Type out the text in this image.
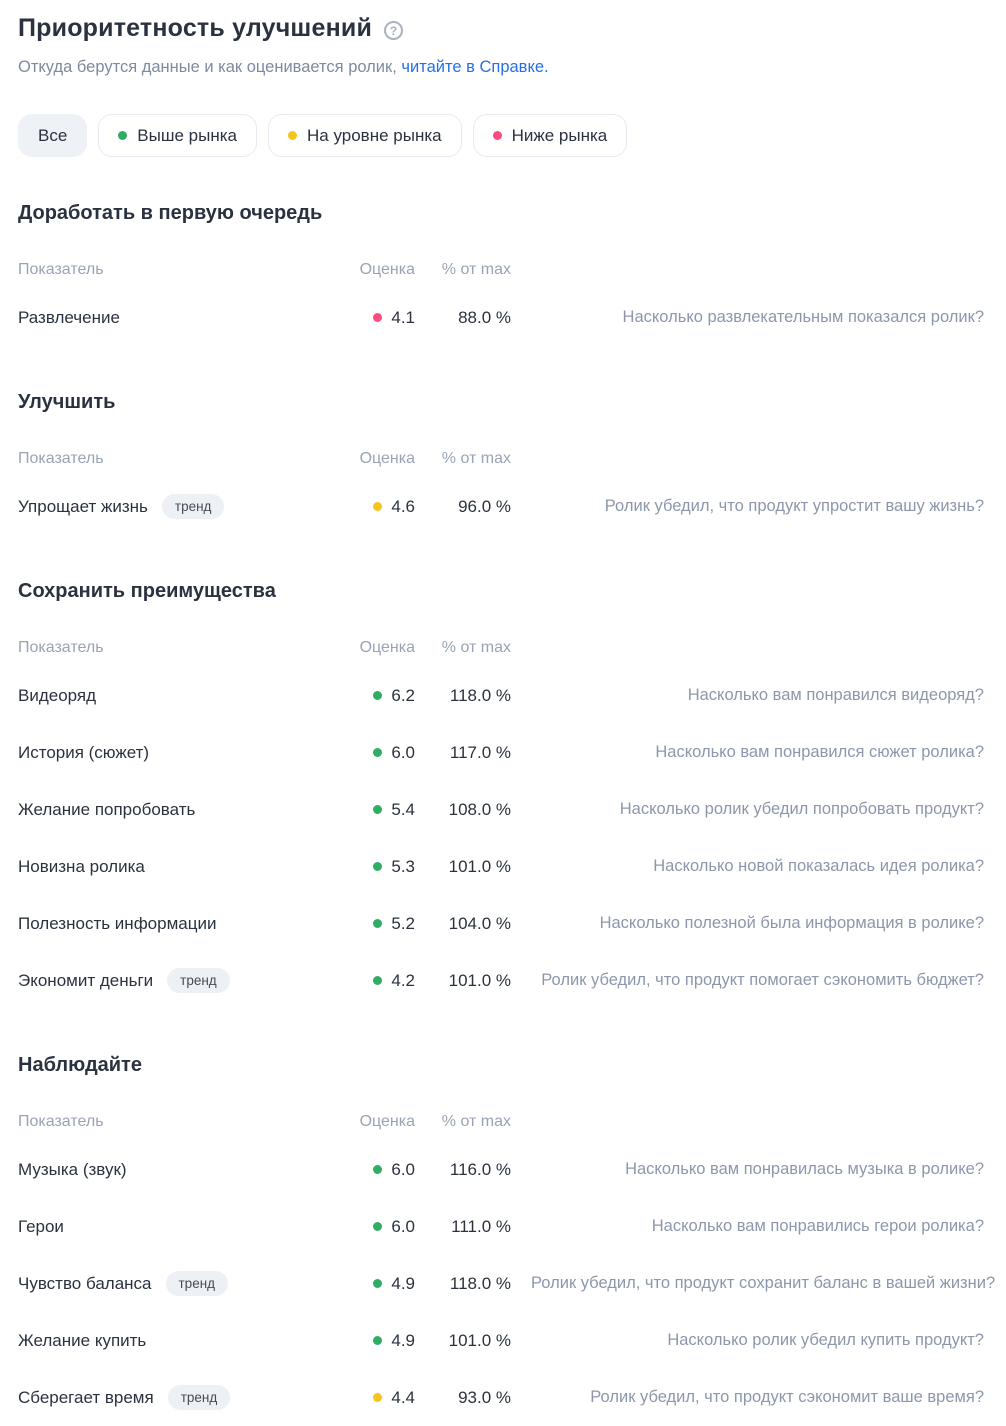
Приоритетность улучшений	?
Откуда берутся данные и как оценивается ролик, читайте в Справке.
Все	Выше рынка	На уровне рынка	Ниже рынка
Доработать в первую очередь
Показатель	Оценка	% от max
Развлечение	4.1	88.0 %	Насколько развлекательным показался ролик?
Улучшить
Показатель	Оценка	% от max
Упрощает жизнь	тренд	4.6	96.0 %	Ролик убедил, что продукт упростит вашу жизнь?
Сохранить преимущества
Показатель	Оценка	% от max
Видеоряд	6.2	118.0 %	Насколько вам понравился видеоряд?
История (сюжет)	6.0	117.0 %	Насколько вам понравился сюжет ролика?
Желание попробовать	5.4	108.0 %	Насколько ролик убедил попробовать продукт?
Новизна ролика	5.3	101.0 %	Насколько новой показалась идея ролика?
Полезность информации	5.2	104.0 %	Насколько полезной была информация в ролике?
Экономит деньги	тренд	4.2	101.0 %	Ролик убедил, что продукт помогает сэкономить бюджет?
Наблюдайте
Показатель	Оценка	% от max
Музыка (звук)	6.0	116.0 %	Насколько вам понравилась музыка в ролике?
Герои	6.0	111.0 %	Насколько вам понравились герои ролика?
Чувство баланса	тренд	4.9	118.0 %	Ролик убедил, что продукт сохранит баланс в вашей жизни?
Желание купить	4.9	101.0 %	Насколько ролик убедил купить продукт?
Сберегает время	тренд	4.4	93.0 %	Ролик убедил, что продукт сэкономит ваше время?
